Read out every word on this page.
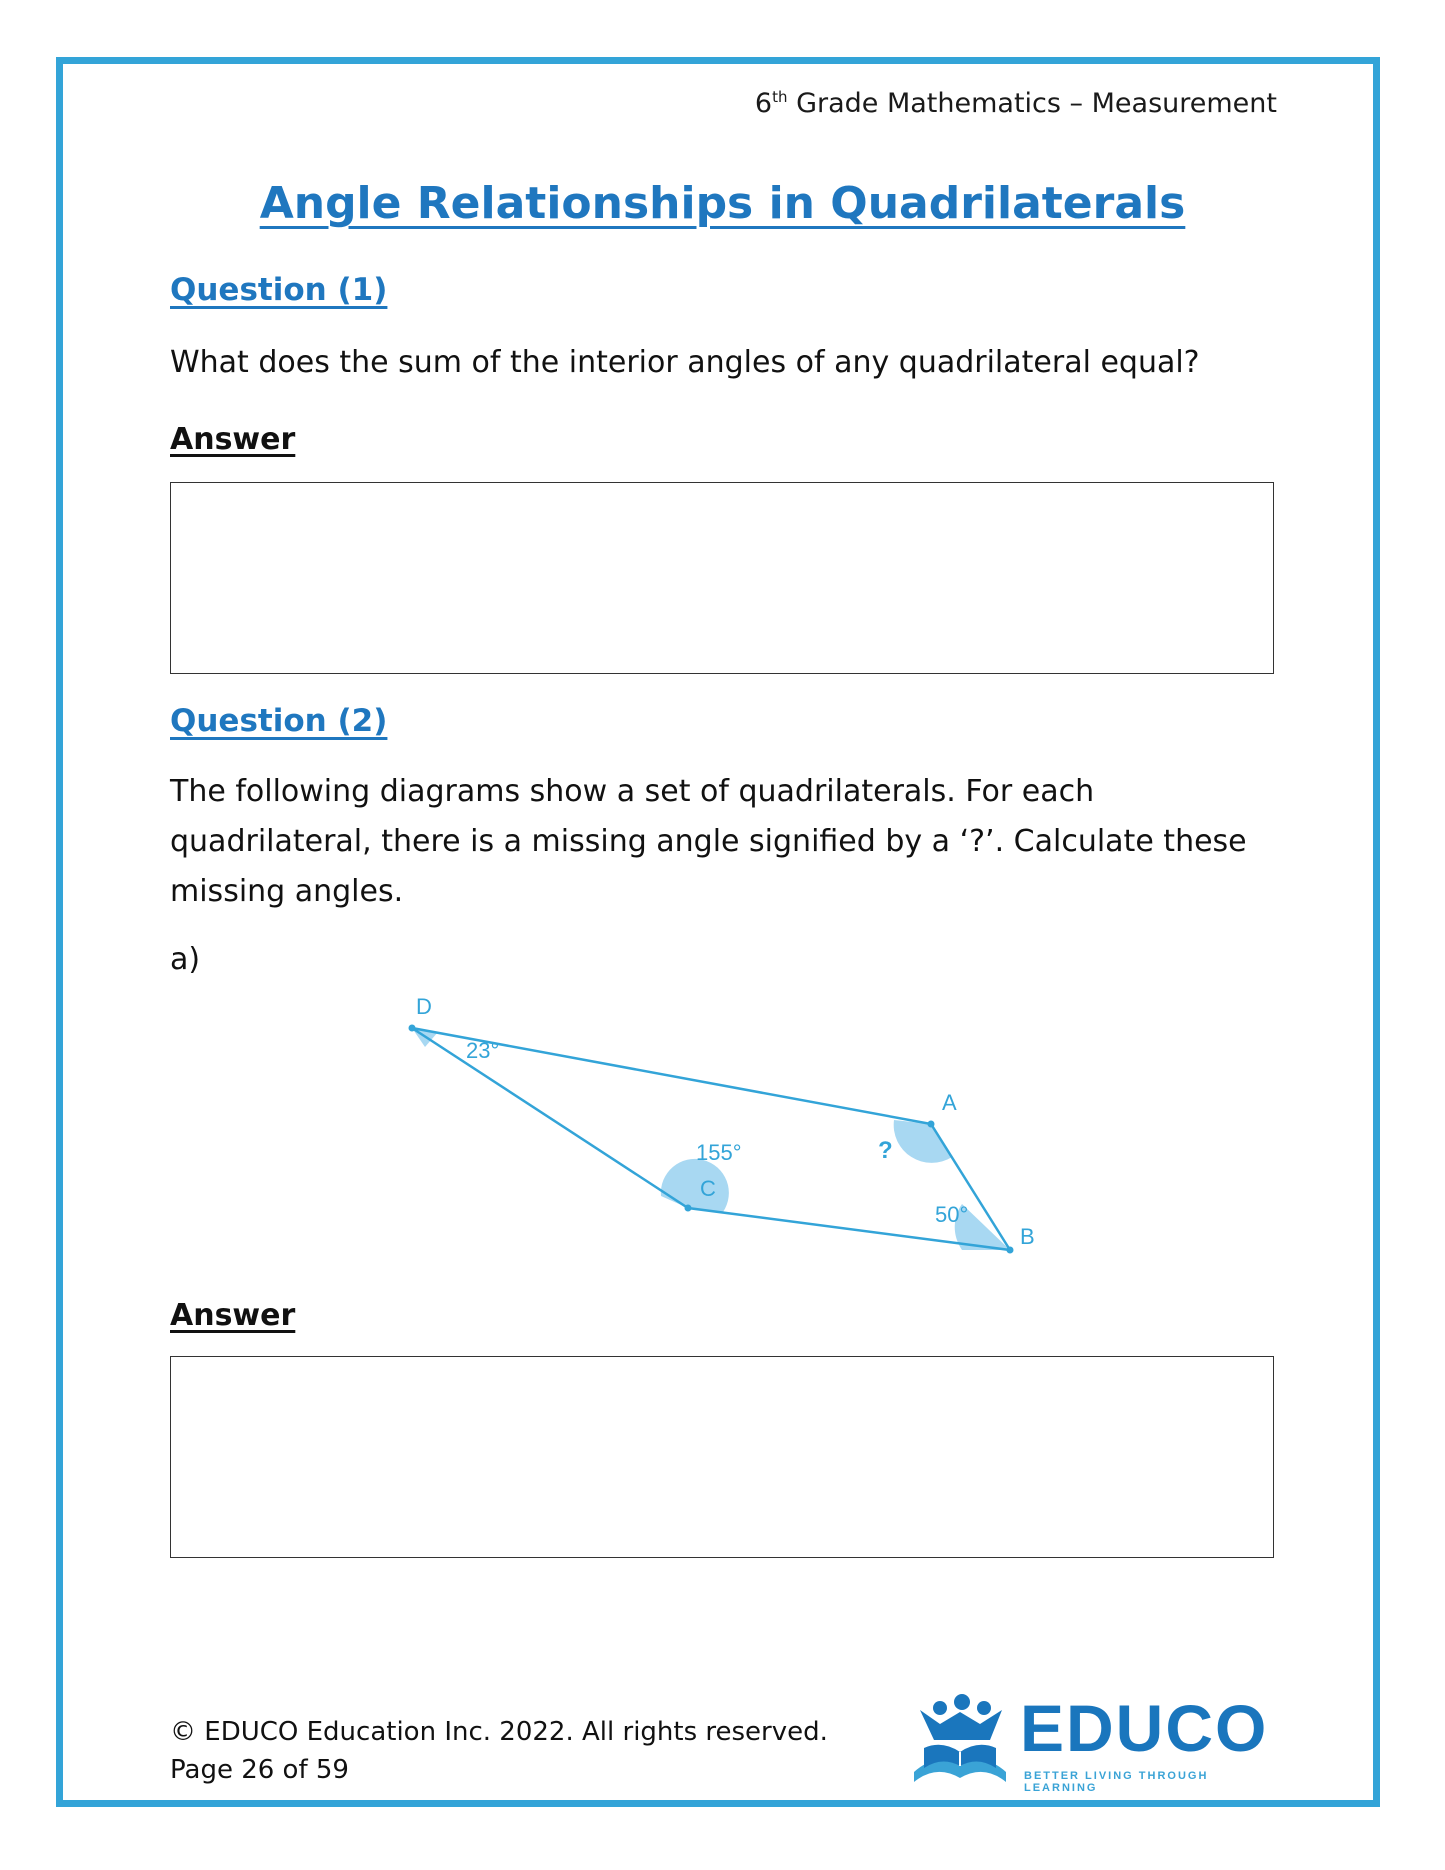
6th Grade Mathematics – Measurement
Angle Relationships in Quadrilaterals
Question (1)
What does the sum of the interior angles of any quadrilateral equal?
Answer
Question (2)
The following diagrams show a set of quadrilaterals. For each quadrilateral, there is a missing angle signified by a ‘?’. Calculate these missing angles.
a)
D
A
B
C
23°
155°
50°
?
Answer
© EDUCO Education Inc. 2022. All rights reserved.
Page 26 of 59
EDUCO
BETTER LIVING THROUGH LEARNING
